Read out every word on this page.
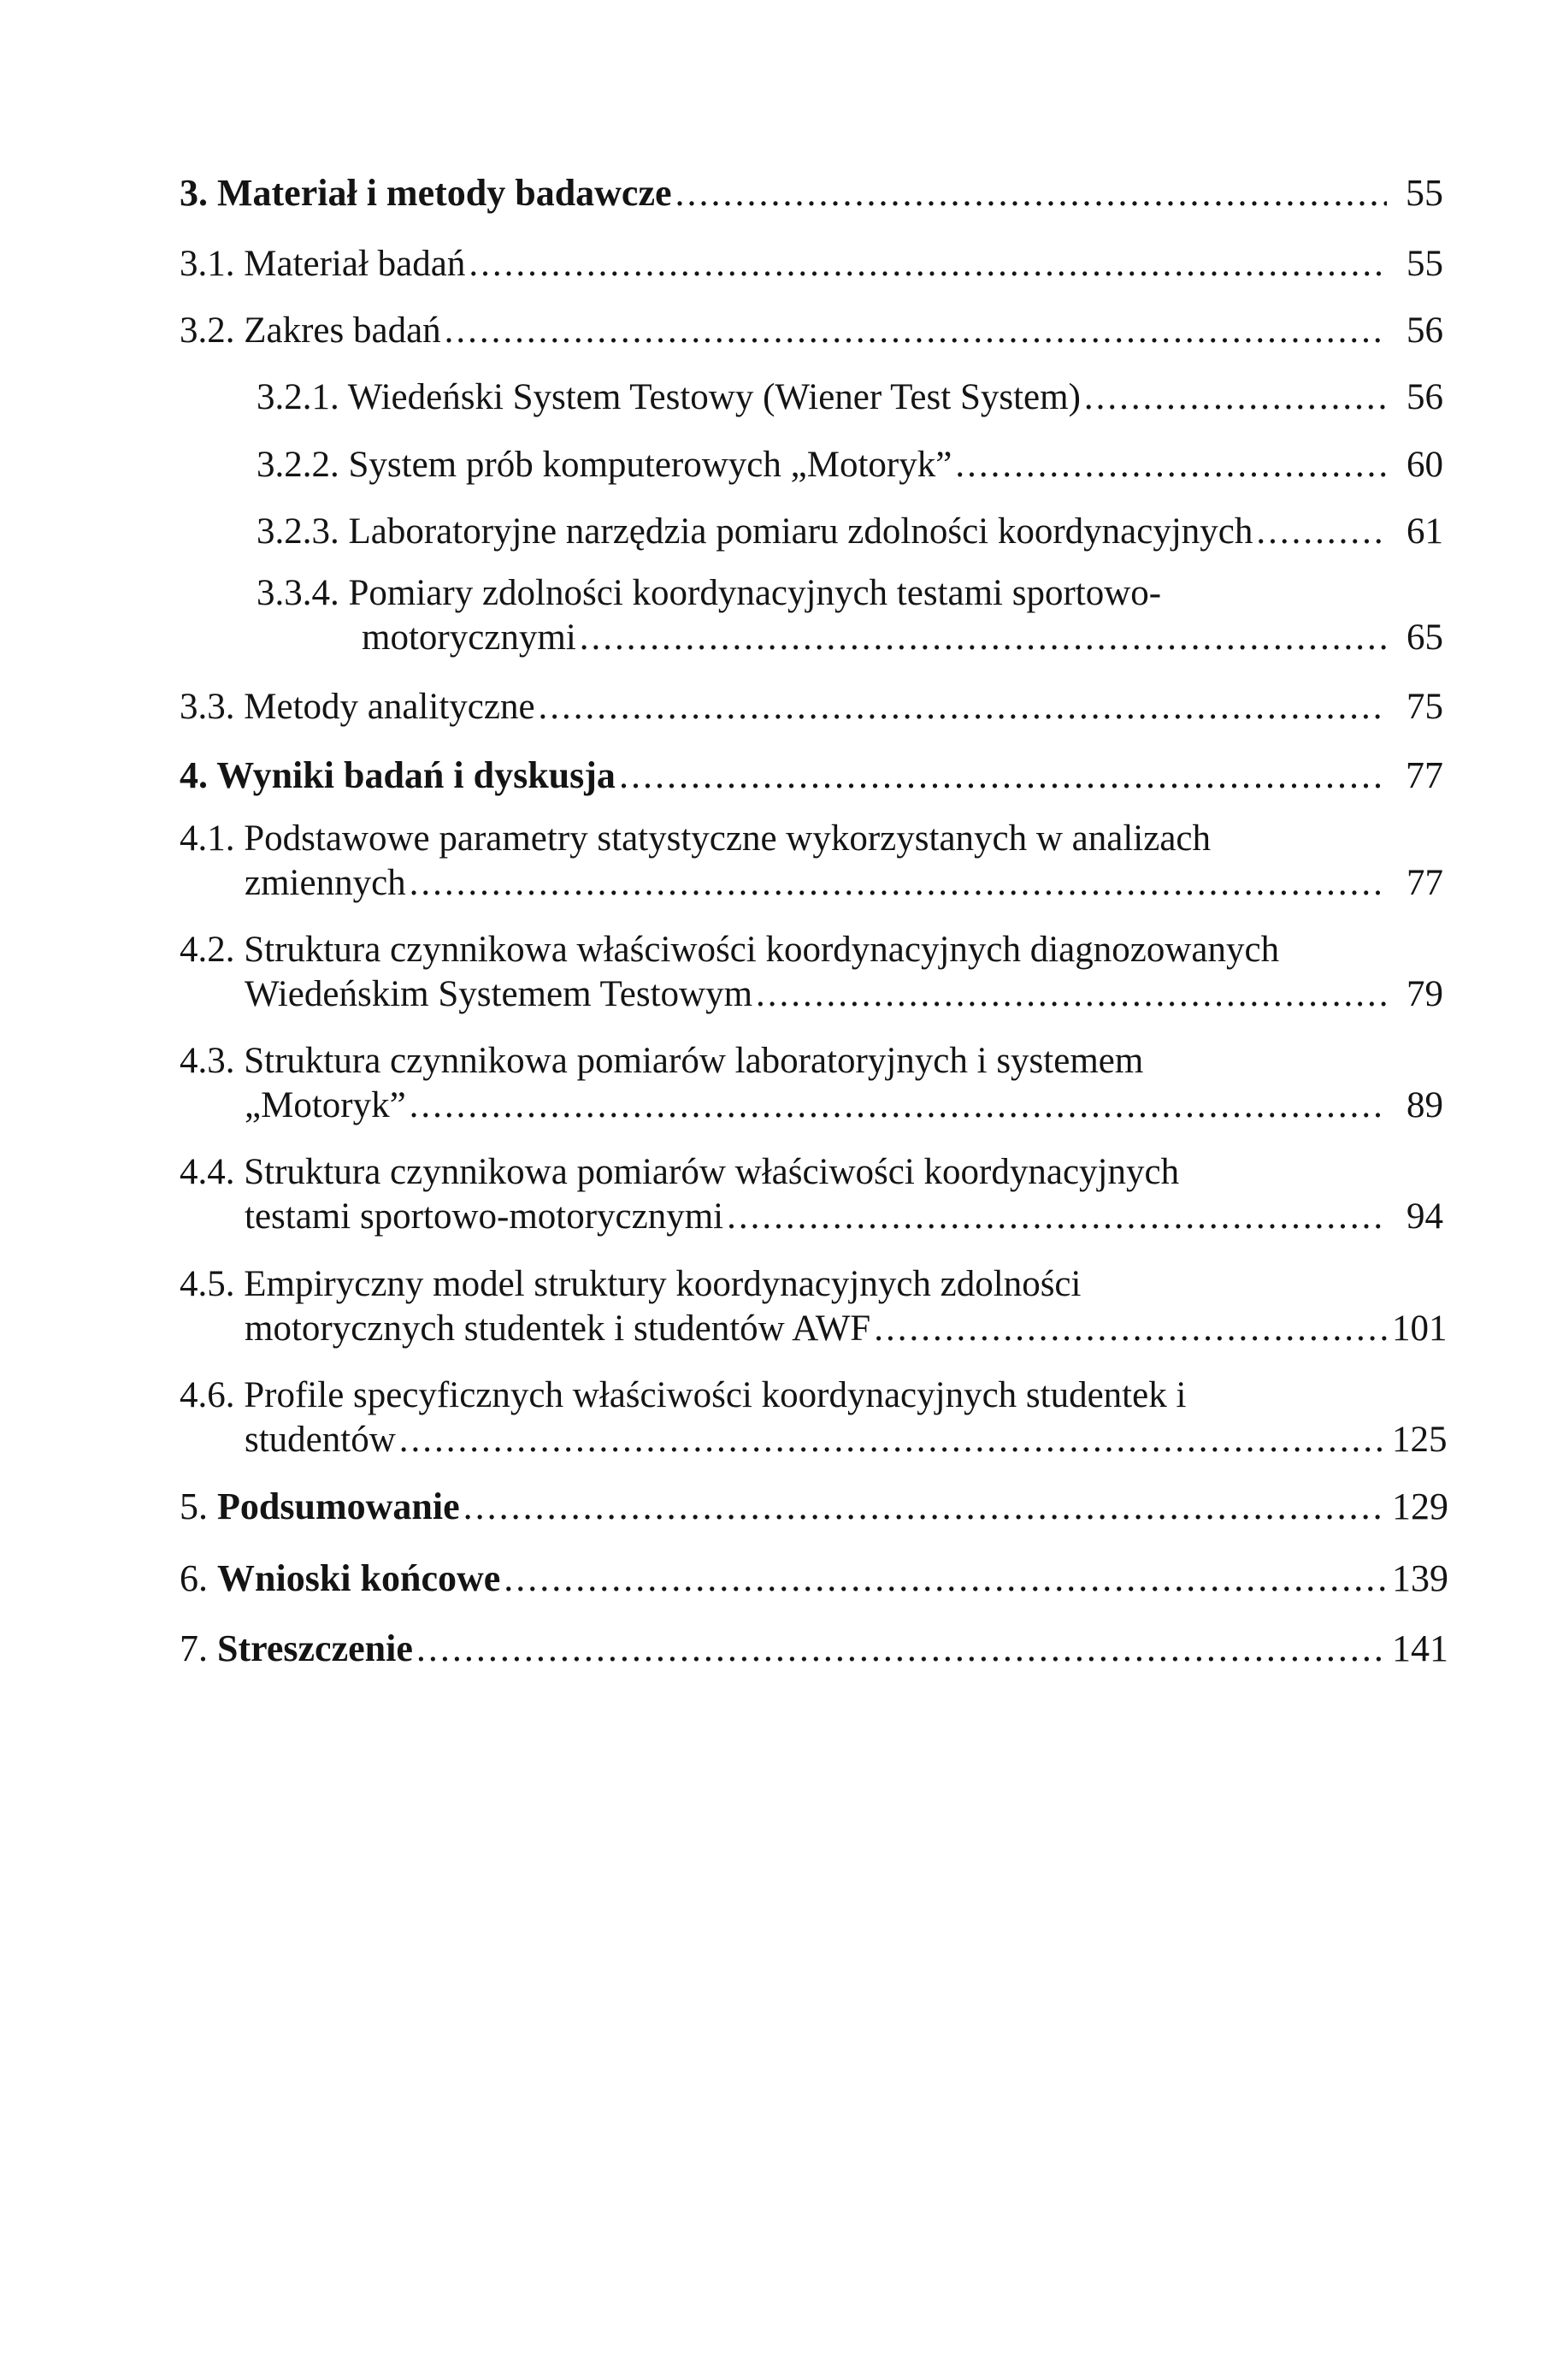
3. Materiał i metody badawcze .....	55
3.1. Materiał badań .....	55
3.2. Zakres badań .....	56
3.2.1. Wiedeński System Testowy (Wiener Test System) .....	56
3.2.2. System prób komputerowych „Motoryk” .....	60
3.2.3. Laboratoryjne narzędzia pomiaru zdolności koordynacyjnych .....	61
3.3.4. Pomiary zdolności koordynacyjnych testami sportowo-
motorycznymi .....	65
3.3. Metody analityczne .....	75
4. Wyniki badań i dyskusja .....	77
4.1. Podstawowe parametry statystyczne wykorzystanych w analizach
zmiennych .....	77
4.2. Struktura czynnikowa właściwości koordynacyjnych diagnozowanych
Wiedeńskim Systemem Testowym .....	79
4.3. Struktura czynnikowa pomiarów laboratoryjnych i systemem
„Motoryk” .....	89
4.4. Struktura czynnikowa pomiarów właściwości koordynacyjnych
testami sportowo-motorycznymi .....	94
4.5. Empiryczny model struktury koordynacyjnych zdolności
motorycznych studentek i studentów AWF .....	101
4.6. Profile specyficznych właściwości koordynacyjnych studentek i
studentów .....	125
5. Podsumowanie .....	129
6. Wnioski końcowe .....	139
7. Streszczenie .....	141
